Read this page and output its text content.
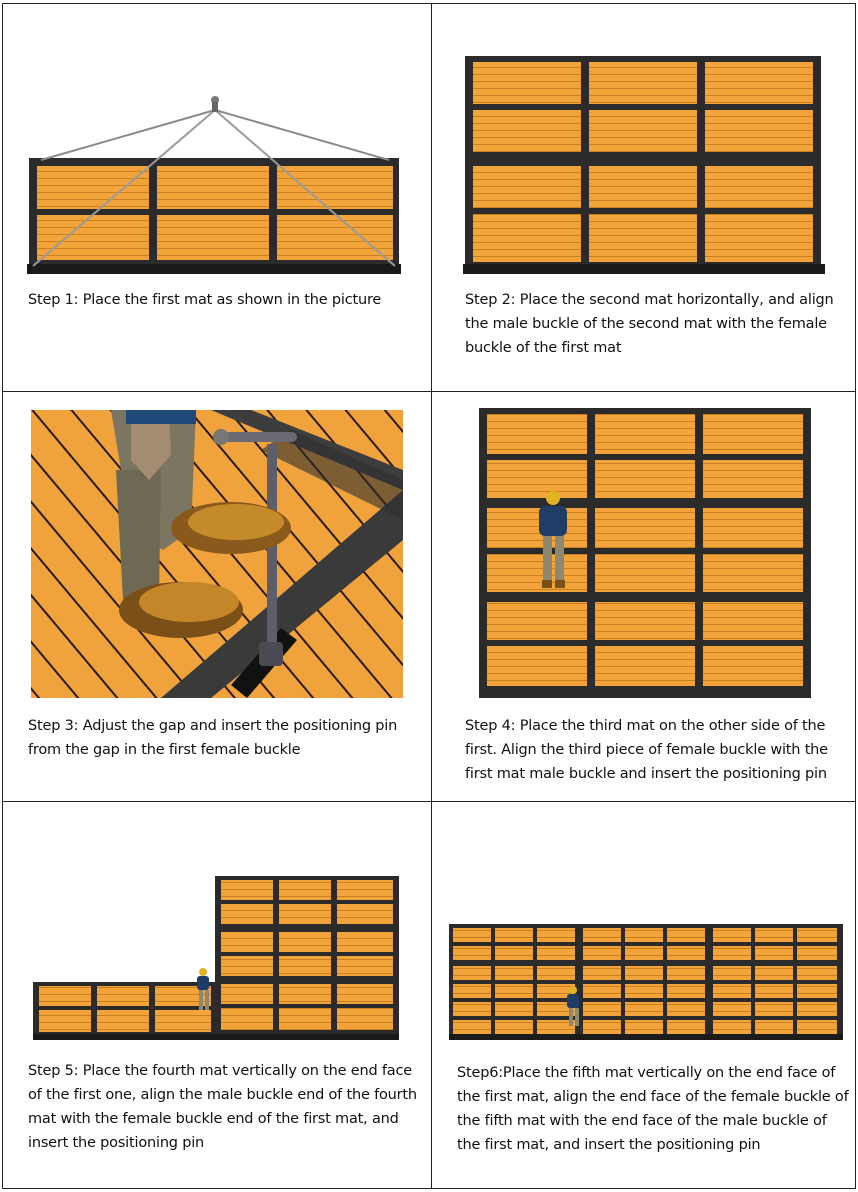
Step 1: Place the first mat as shown in the picture	Step 2: Place the second mat horizontally, and align the male buckle of the second mat with the female buckle of the first mat
Step 3: Adjust the gap and insert the positioning pin from the gap in the first female buckle
Step 4: Place the third mat on the other side of the first. Align the third piece of female buckle with the first mat male buckle and insert the positioning pin
Step 5: Place the fourth mat vertically on the end face of the first one, align the male buckle end of the fourth mat with the female buckle end of the first mat, and insert the positioning pin
Step6:Place the fifth mat vertically on the end face of the first mat, align the end face of the female buckle of the fifth mat with the end face of the male buckle of the first mat, and insert the positioning pin
